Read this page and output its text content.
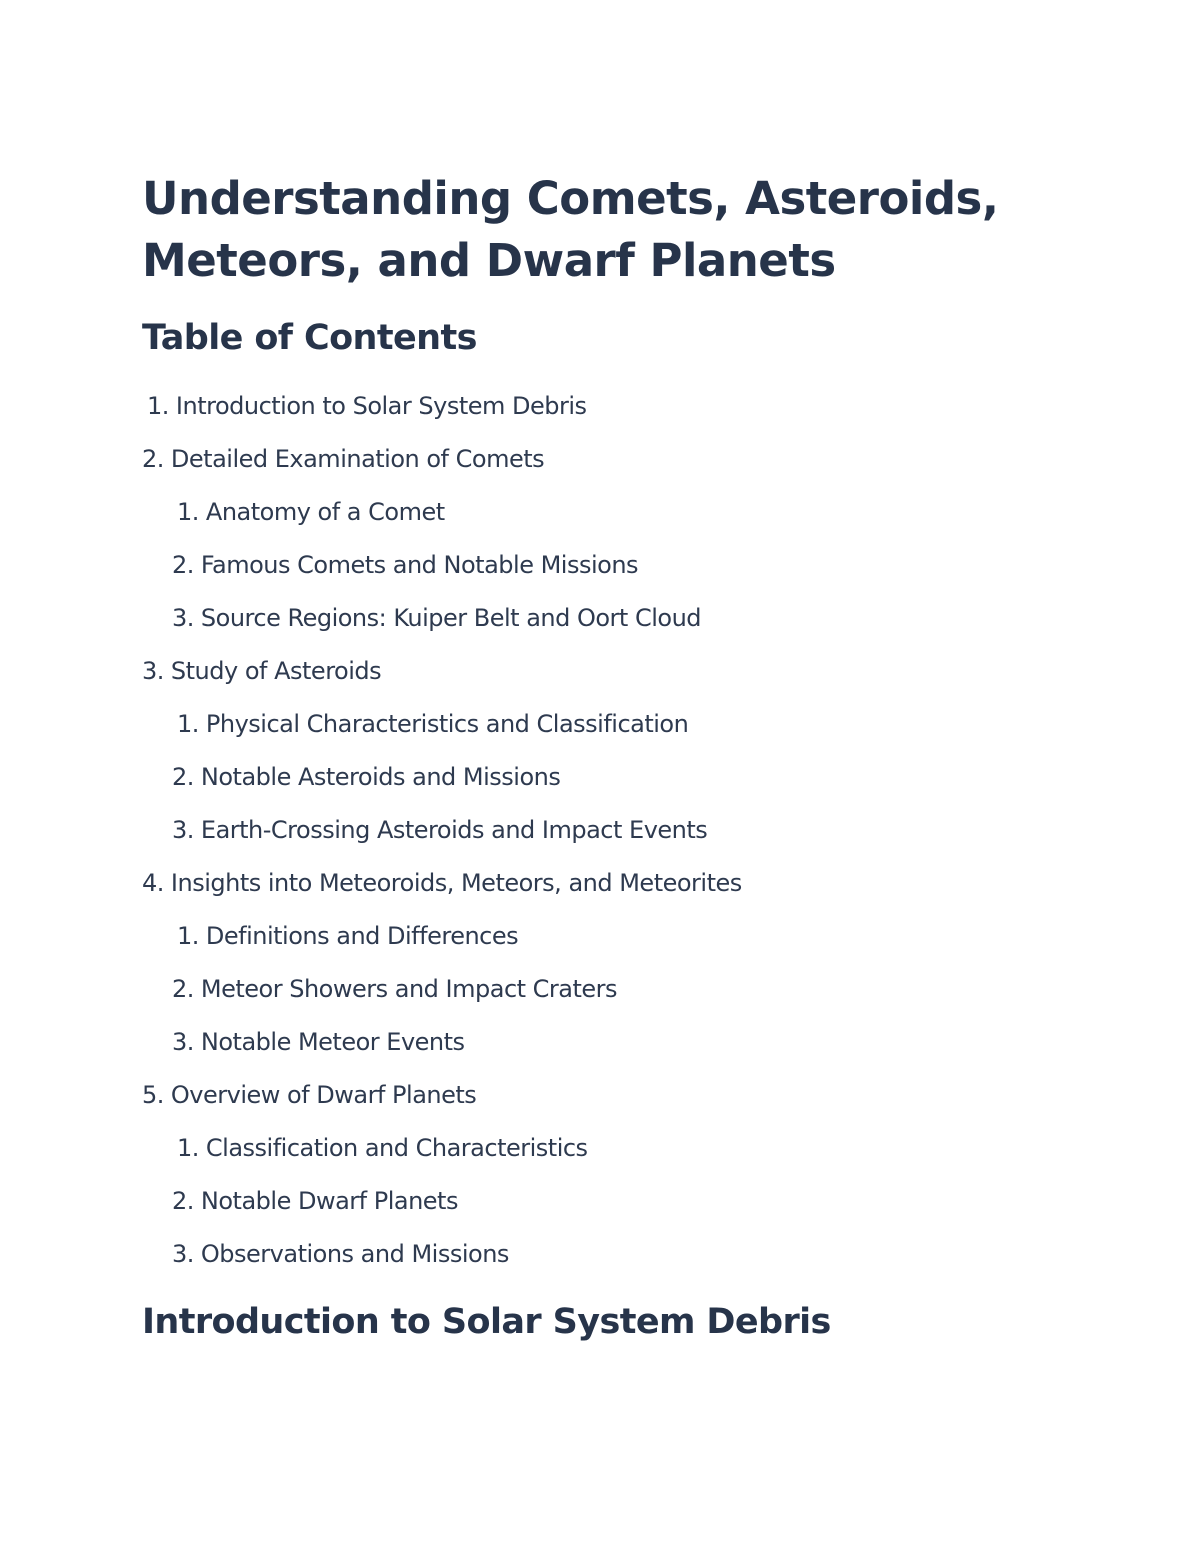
Understanding Comets, Asteroids, Meteors, and Dwarf Planets
Table of Contents
1. Introduction to Solar System Debris
2. Detailed Examination of Comets
1. Anatomy of a Comet
2. Famous Comets and Notable Missions
3. Source Regions: Kuiper Belt and Oort Cloud
3. Study of Asteroids
1. Physical Characteristics and Classification
2. Notable Asteroids and Missions
3. Earth-Crossing Asteroids and Impact Events
4. Insights into Meteoroids, Meteors, and Meteorites
1. Definitions and Differences
2. Meteor Showers and Impact Craters
3. Notable Meteor Events
5. Overview of Dwarf Planets
1. Classification and Characteristics
2. Notable Dwarf Planets
3. Observations and Missions
Introduction to Solar System Debris
